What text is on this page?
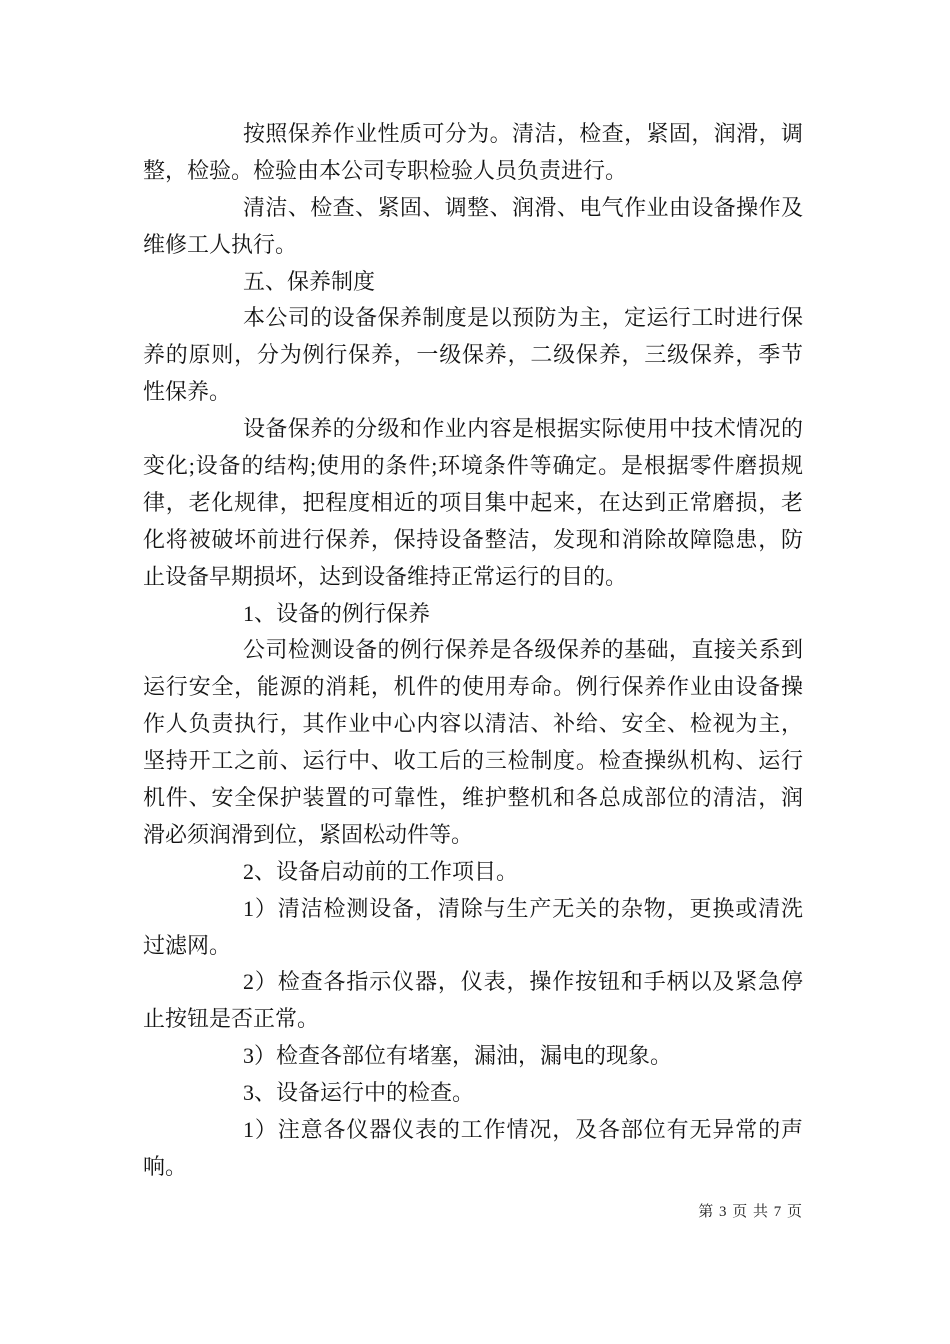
按照保养作业性质可分为。清洁，检查，紧固，润滑，调
整，检验。检验由本公司专职检验人员负责进行。
清洁、检查、紧固、调整、润滑、电气作业由设备操作及
维修工人执行。
五、保养制度
本公司的设备保养制度是以预防为主，定运行工时进行保
养的原则，分为例行保养，一级保养，二级保养，三级保养，季节
性保养。
设备保养的分级和作业内容是根据实际使用中技术情况的
变化;设备的结构;使用的条件;环境条件等确定。是根据零件磨损规
律，老化规律，把程度相近的项目集中起来，在达到正常磨损，老
化将被破坏前进行保养，保持设备整洁，发现和消除故障隐患，防
止设备早期损坏，达到设备维持正常运行的目的。
1、设备的例行保养
公司检测设备的例行保养是各级保养的基础，直接关系到
运行安全，能源的消耗，机件的使用寿命。例行保养作业由设备操
作人负责执行，其作业中心内容以清洁、补给、安全、检视为主，
坚持开工之前、运行中、收工后的三检制度。检查操纵机构、运行
机件、安全保护装置的可靠性，维护整机和各总成部位的清洁，润
滑必须润滑到位，紧固松动件等。
2、设备启动前的工作项目。
1）清洁检测设备，清除与生产无关的杂物，更换或清洗
过滤网。
2）检查各指示仪器，仪表，操作按钮和手柄以及紧急停
止按钮是否正常。
3）检查各部位有堵塞，漏油，漏电的现象。
3、设备运行中的检查。
1）注意各仪器仪表的工作情况，及各部位有无异常的声
响。
第 3 页 共 7 页
